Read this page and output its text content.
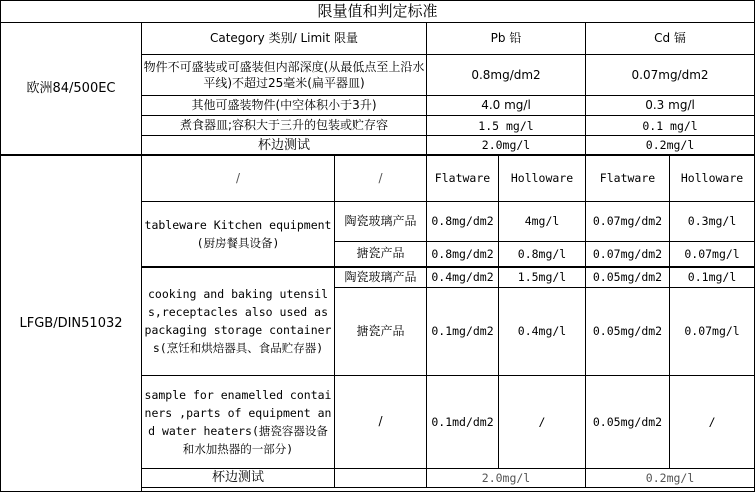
限量值和判定标准						
欧洲84/500EC	Category 类别/ Limit 限量		Pb 铅		Cd 镉	
	物件不可盛装或可盛装但内部深度(从最低点至上沿水平线)不超过25毫米(扁平器皿)		0.8mg/dm2		0.07mg/dm2	
	其他可盛装物件(中空体积小于3升)		4.0 mg/l		0.3 mg/l	
	煮食器皿;容积大于三升的包装或贮存容		1.5 mg/l		0.1 mg/l	
	杯边测试		2.0mg/l		0.2mg/l	
LFGB/DIN51032	/	/	Flatware	Holloware	Flatware	Holloware
	tableware Kitchen equipment(厨房餐具设备)	陶瓷玻璃产品	0.8mg/dm2	4mg/l	0.07mg/dm2	0.3mg/l
		搪瓷产品	0.8mg/dm2	0.8mg/l	0.07mg/dm2	0.07mg/l
	cooking and baking utensils,receptacles also used as packaging storage containers(烹饪和烘焙器具、食品贮存器)	陶瓷玻璃产品	0.4mg/dm2	1.5mg/l	0.05mg/dm2	0.1mg/l
		搪瓷产品	0.1mg/dm2	0.4mg/l	0.05mg/dm2	0.07mg/l
	sample for enamelled containers ,parts of equipment and water heaters(搪瓷容器设备和水加热器的一部分)	/	0.1md/dm2	/	0.05mg/dm2	/
	杯边测试		2.0mg/l		0.2mg/l	
